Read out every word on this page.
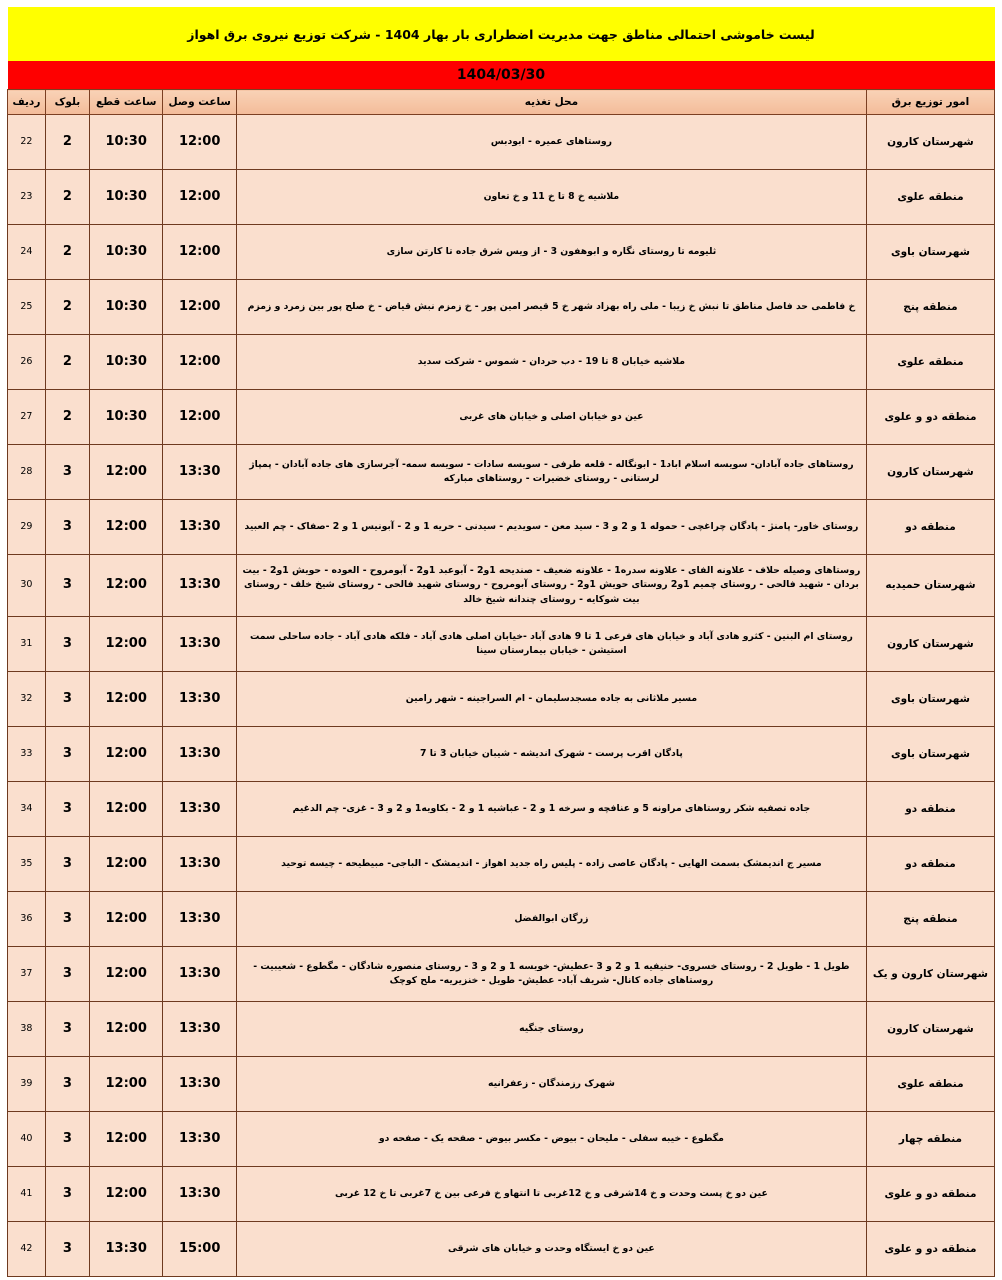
لیست خاموشی احتمالی مناطق جهت مدیریت اضطراری بار بهار 1404 - شرکت توزیع نیروی برق اهواز					
1404/03/30					
امور توزیع برق	محل تغذیه	ساعت وصل	ساعت قطع	بلوک	ردیف
شهرستان کارون	روستاهای عمیره - ابودبس	12:00	10:30	2	22
منطقه علوی	ملاشیه خ 8 تا خ 11 و خ تعاون	12:00	10:30	2	23
شهرستان باوی	ثلیومه تا روستای نگاره و ابوهفون 3 - از ویس شرق جاده تا کارتن سازی	12:00	10:30	2	24
منطقه پنج	خ فاطمی حد فاصل مناطق تا نبش خ زیبا - ملی راه بهزاد شهر خ 5 قیصر امین پور - خ زمزم نبش قیاض - خ صلح پور بین زمرد و زمزم	12:00	10:30	2	25
منطقه علوی	ملاشیه خیابان 8 تا 19 - دب حردان - شموس - شرکت سدید	12:00	10:30	2	26
منطقه دو و علوی	عین دو خیابان اصلی و خیابان های غربی	12:00	10:30	2	27
شهرستان کارون	روستاهای جاده آبادان- سویسه اسلام اباد1 - ابونگاله - قلعه طرفی - سویسه سادات - سویسه سمه- آجرسازی های جاده آبادان - پمپاژ لرستانی - روستای خضیرات - روستاهای مبارکه	13:30	12:00	3	28
منطقه دو	روستای خاور- پامنژ - پادگان چراغچی - حموله 1 و 2 و 3 - سید معن - سویدیم - سیدنی - حریه 1 و 2 - آبونیس 1 و 2 -صفاک - چم العبید	13:30	12:00	3	29
شهرستان حمیدیه	روستاهای وصیله حلاف - علاونه الفای - علاونه سدره1 - علاونه ضعیف - صندیحه 1و2 - آبوعبد 1و2 - آبومروح - العوده - حویش 1و2 - بیت بردان - شهید فالحی - روستای چمیم 1و2 روستای حویش 1و2 - روستای آبومروح - روستای شهید فالحی - روستای شیخ خلف - روستای بیت شوکایه - روستای چندانه شیخ خالد	13:30	12:00	3	30
شهرستان کارون	روستای ام البنین - کثرو هادی آباد و خیابان های فرعی 1 تا 9 هادی آباد -خیابان اصلی هادی آباد - فلکه هادی آباد - جاده ساحلی سمت استیشن - خیابان بیمارستان سینا	13:30	12:00	3	31
شهرستان باوی	مسیر ملاثانی به جاده مسجدسلیمان - ام السراجینه - شهر رامین	13:30	12:00	3	32
شهرستان باوی	پادگان اقرب پرست - شهرک اندیشه - شیبان خیابان 3 تا 7	13:30	12:00	3	33
منطقه دو	جاده تصفیه شکر روستاهای مراونه 5 و عنافچه و سرخه 1 و 2 - عباشیه 1 و 2 - بکاویه1 و 2 و 3 - غزی- چم الدغیم	13:30	12:00	3	34
منطقه دو	مسیر ج اندیمشک بسمت الهایی - پادگان عاصی زاده - پلیس راه جدید اهواز - اندیمشک - الباجی- مبیطیحه - چیسه توحید	13:30	12:00	3	35
منطقه پنج	زرگان ابوالفضل	13:30	12:00	3	36
شهرستان کارون و یک	طویل 1 - طویل 2 - روستای خسروی- حنیفیه 1 و 2 و 3 -عطیش- خویسه 1 و 2 و 3 - روستای منصوره شادگان - مگطوع - شعیبیت - روستاهای جاده کانال- شریف آباد- عطیش- طویل - خنزیریه- ملح کوچک	13:30	12:00	3	37
شهرستان کارون	روستای جنگیه	13:30	12:00	3	38
منطقه علوی	شهرک رزمندگان - زعفرانیه	13:30	12:00	3	39
منطقه چهار	مگطوع - خیبه سفلی - ملیحان - بیوض - مکسر بیوض - صفحه یک - صفحه دو	13:30	12:00	3	40
منطقه دو و علوی	عین دو خ پست وحدت و خ 14شرقی و خ 12غربی تا انتهاو خ فرعی بین خ 7غربی تا خ 12 غربی	13:30	12:00	3	41
منطقه دو و علوی	عین دو خ ایستگاه وحدت و خیابان های شرقی	15:00	13:30	3	42
